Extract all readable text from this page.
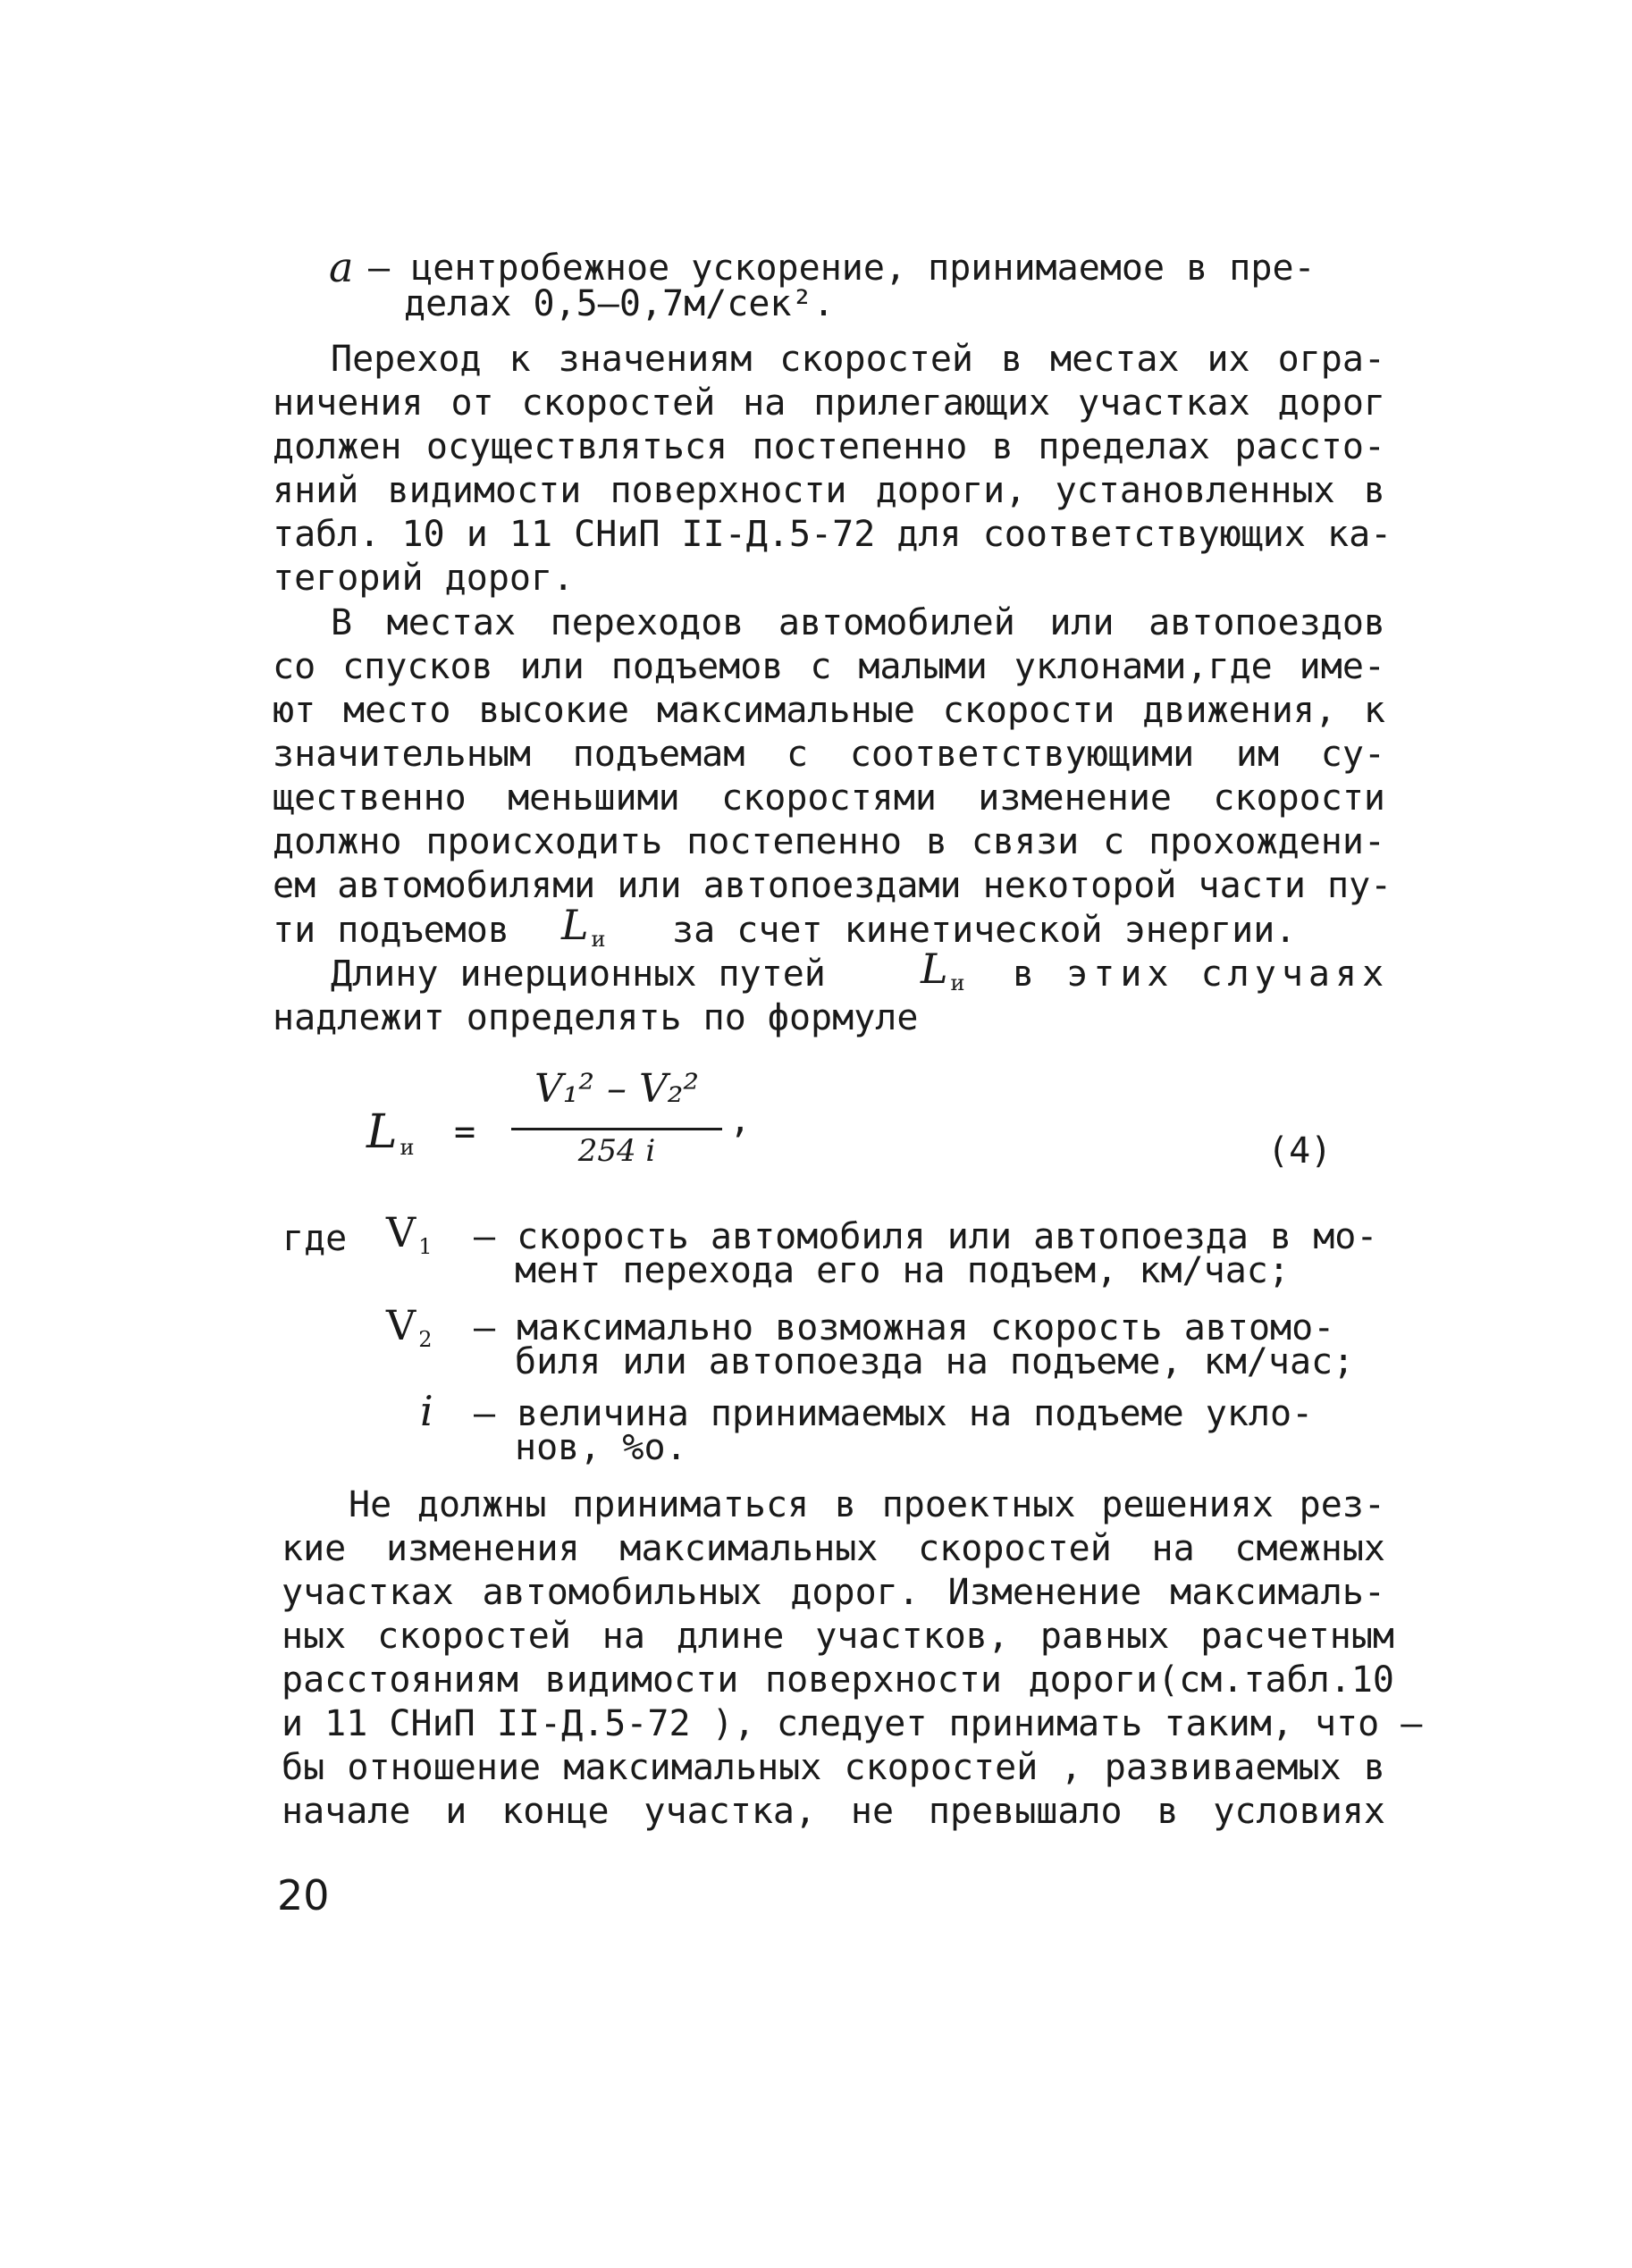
a – центробежное ускорение, принимаемое в пре-
делах 0,5–0,7м/сек².
Переход к значениям скоростей в местах их огра-
ничения от скоростей на прилегающих участках дорог
должен осуществляться постепенно в пределах рассто-
яний видимости поверхности дороги, установленных в
табл. 10 и 11 СНиП II-Д.5-72 для соответствующих ка-
тегорий дорог.
В местах переходов автомобилей или автопоездов
со спусков или подъемов с малыми уклонами,где име-
ют место высокие максимальные скорости движения, к
значительным подъемам с соответствующими им су-
щественно меньшими скоростями изменение скорости
должно происходить постепенно в связи с прохождени-
ем автомобилями или автопоездами некоторой части пу-
ти подъемов L $_и$ за счет кинетической энергии.
Длину инерционных путей L $_и$ в этих случаях
надлежит определять по формуле
L $_и$ =
V₁² – V₂²
254 i
,
(4)
где V $_1$ – скорость автомобиля или автопоезда в мо-
мент перехода его на подъем, км/час;
V $_2$ – максимально возможная скорость автомо-
биля или автопоезда на подъеме, км/час;
i – величина принимаемых на подъеме укло-
нов, %о.
Не должны приниматься в проектных решениях рез-
кие изменения максимальных скоростей на смежных
участках автомобильных дорог. Изменение максималь-
ных скоростей на длине участков, равных расчетным
расстояниям видимости поверхности дороги(см.табл.10
и 11 СНиП II-Д.5-72 ), следует принимать таким, что –
бы отношение максимальных скоростей , развиваемых в
начале и конце участка, не превышало в условиях
20
